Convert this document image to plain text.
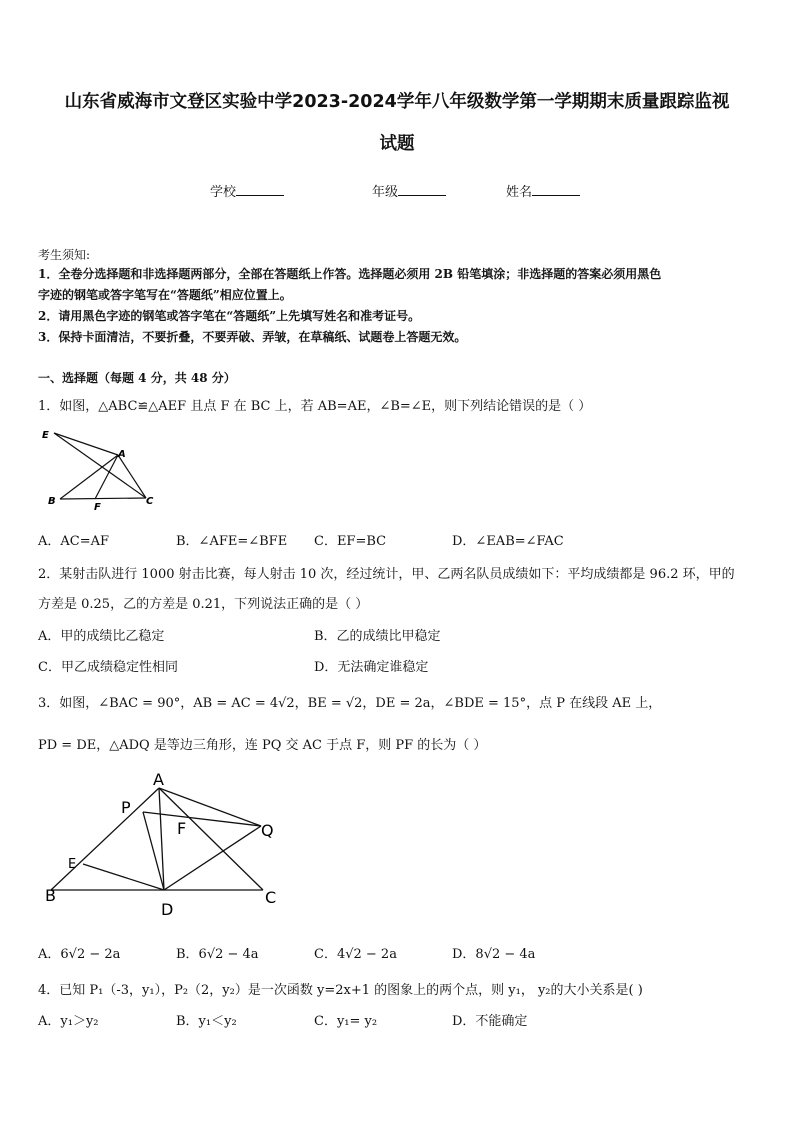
山东省威海市文登区实验中学2023-2024学年八年级数学第一学期期末质量跟踪监视
试题
学校	年级	姓名
考生须知:
1．全卷分选择题和非选择题两部分，全部在答题纸上作答。选择题必须用 2B 铅笔填涂；非选择题的答案必须用黑色
字迹的钢笔或答字笔写在“答题纸”相应位置上。
2．请用黑色字迹的钢笔或答字笔在“答题纸”上先填写姓名和准考证号。
3．保持卡面清洁，不要折叠，不要弄破、弄皱，在草稿纸、试题卷上答题无效。
一、选择题（每题 4 分，共 48 分）
1．如图，△ABC≌△AEF 且点 F 在 BC 上，若 AB=AE，∠B=∠E，则下列结论错误的是（ ）
E
A
B
F
C
A．AC=AF	B．∠AFE=∠BFE C．EF=BC	D．∠EAB=∠FAC
2．某射击队进行 1000 射击比赛，每人射击 10 次，经过统计，甲、乙两名队员成绩如下：平均成绩都是 96.2 环，甲的
方差是 0.25，乙的方差是 0.21，下列说法正确的是（ ）
A．甲的成绩比乙稳定	B．乙的成绩比甲稳定
C．甲乙成绩稳定性相同	D．无法确定谁稳定
3．如图，∠BAC = 90°，AB = AC = 4√2，BE = √2，DE = 2a，∠BDE = 15°，点 P 在线段 AE 上，
PD = DE，△ADQ 是等边三角形，连 PQ 交 AC 于点 F，则 PF 的长为（ ）
A
P
F	Q
E
B
D
C
A．6√2 − 2a	B．6√2 − 4a	C．4√2 − 2a	D．8√2 − 4a
4．已知 P₁（-3，y₁），P₂（2，y₂）是一次函数 y=2x+1 的图象上的两个点，则 y₁， y₂的大小关系是( )
A．y₁＞y₂	B．y₁＜y₂	C．y₁= y₂	D．不能确定
